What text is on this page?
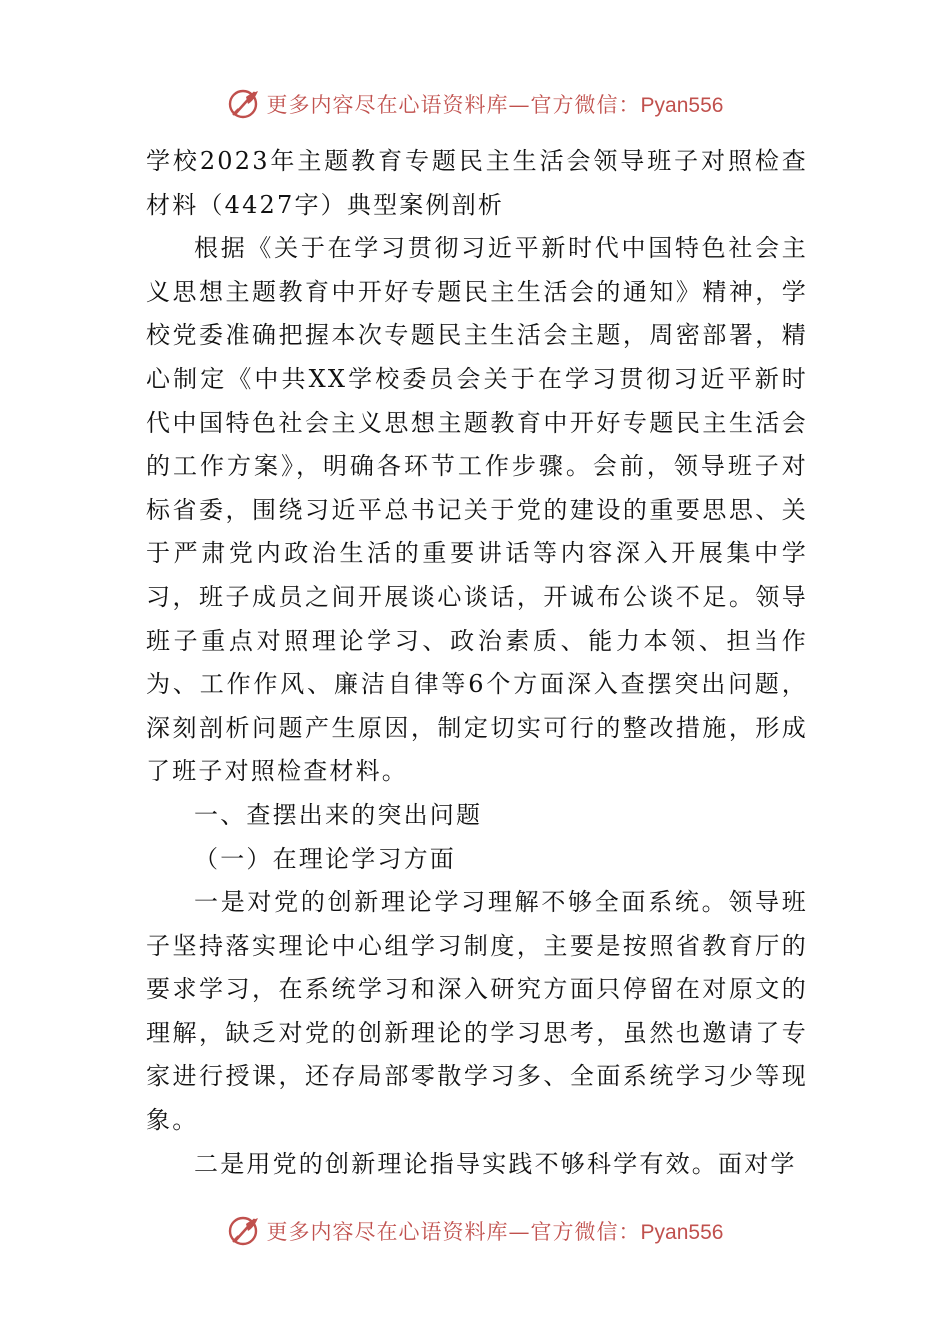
更多内容尽在心语资料库—官方微信：Pyan556

学校2023年主题教育专题民主生活会领导班子对照检查材料（4427字）典型案例剖析

根据《关于在学习贯彻习近平新时代中国特色社会主义思想主题教育中开好专题民主生活会的通知》精神，学校党委准确把握本次专题民主生活会主题，周密部署，精心制定《中共XX学校委员会关于在学习贯彻习近平新时代中国特色社会主义思想主题教育中开好专题民主生活会的工作方案》，明确各环节工作步骤。会前，领导班子对标省委，围绕习近平总书记关于党的建设的重要思思、关于严肃党内政治生活的重要讲话等内容深入开展集中学习，班子成员之间开展谈心谈话，开诚布公谈不足。领导班子重点对照理论学习、政治素质、能力本领、担当作为、工作作风、廉洁自律等6个方面深入查摆突出问题，深刻剖析问题产生原因，制定切实可行的整改措施，形成了班子对照检查材料。

一、查摆出来的突出问题

（一）在理论学习方面

一是对党的创新理论学习理解不够全面系统。领导班子坚持落实理论中心组学习制度，主要是按照省教育厅的要求学习，在系统学习和深入研究方面只停留在对原文的理解，缺乏对党的创新理论的学习思考，虽然也邀请了专家进行授课，还存局部零散学习多、全面系统学习少等现象。

二是用党的创新理论指导实践不够科学有效。面对学

更多内容尽在心语资料库—官方微信：Pyan556
